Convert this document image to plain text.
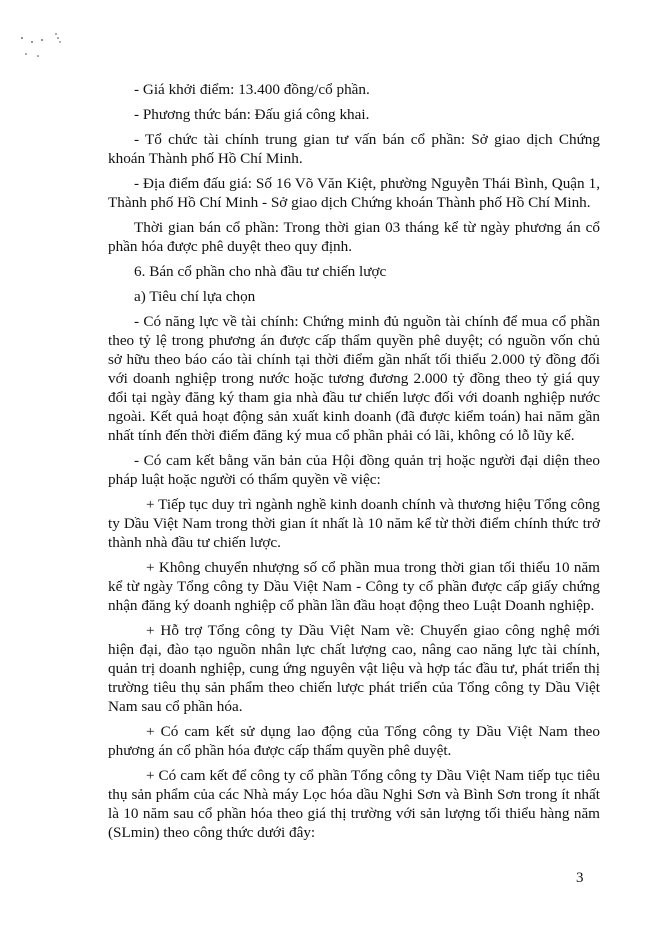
- Giá khởi điểm: 13.400 đồng/cổ phần.

- Phương thức bán: Đấu giá công khai.

- Tổ chức tài chính trung gian tư vấn bán cổ phần: Sở giao dịch Chứng khoán Thành phố Hồ Chí Minh.

- Địa điểm đấu giá: Số 16 Võ Văn Kiệt, phường Nguyễn Thái Bình, Quận 1, Thành phố Hồ Chí Minh - Sở giao dịch Chứng khoán Thành phố Hồ Chí Minh.

Thời gian bán cổ phần: Trong thời gian 03 tháng kể từ ngày phương án cổ phần hóa được phê duyệt theo quy định.

6. Bán cổ phần cho nhà đầu tư chiến lược

a) Tiêu chí lựa chọn

- Có năng lực về tài chính: Chứng minh đủ nguồn tài chính để mua cổ phần theo tỷ lệ trong phương án được cấp thẩm quyền phê duyệt; có nguồn vốn chủ sở hữu theo báo cáo tài chính tại thời điểm gần nhất tối thiểu 2.000 tỷ đồng đối với doanh nghiệp trong nước hoặc tương đương 2.000 tỷ đồng theo tỷ giá quy đổi tại ngày đăng ký tham gia nhà đầu tư chiến lược đối với doanh nghiệp nước ngoài. Kết quả hoạt động sản xuất kinh doanh (đã được kiểm toán) hai năm gần nhất tính đến thời điểm đăng ký mua cổ phần phải có lãi, không có lỗ lũy kế.

- Có cam kết bằng văn bản của Hội đồng quản trị hoặc người đại diện theo pháp luật hoặc người có thẩm quyền về việc:

+ Tiếp tục duy trì ngành nghề kinh doanh chính và thương hiệu Tổng công ty Dầu Việt Nam trong thời gian ít nhất là 10 năm kể từ thời điểm chính thức trở thành nhà đầu tư chiến lược.

+ Không chuyển nhượng số cổ phần mua trong thời gian tối thiểu 10 năm kể từ ngày Tổng công ty Dầu Việt Nam - Công ty cổ phần được cấp giấy chứng nhận đăng ký doanh nghiệp cổ phần lần đầu hoạt động theo Luật Doanh nghiệp.

+ Hỗ trợ Tổng công ty Dầu Việt Nam về: Chuyển giao công nghệ mới hiện đại, đào tạo nguồn nhân lực chất lượng cao, nâng cao năng lực tài chính, quản trị doanh nghiệp, cung ứng nguyên vật liệu và hợp tác đầu tư, phát triển thị trường tiêu thụ sản phẩm theo chiến lược phát triển của Tổng công ty Dầu Việt Nam sau cổ phần hóa.

+ Có cam kết sử dụng lao động của Tổng công ty Dầu Việt Nam theo phương án cổ phần hóa được cấp thẩm quyền phê duyệt.

+ Có cam kết để công ty cổ phần Tổng công ty Dầu Việt Nam tiếp tục tiêu thụ sản phẩm của các Nhà máy Lọc hóa dầu Nghi Sơn và Bình Sơn trong ít nhất là 10 năm sau cổ phần hóa theo giá thị trường với sản lượng tối thiểu hàng năm (SLmin) theo công thức dưới đây:

3
